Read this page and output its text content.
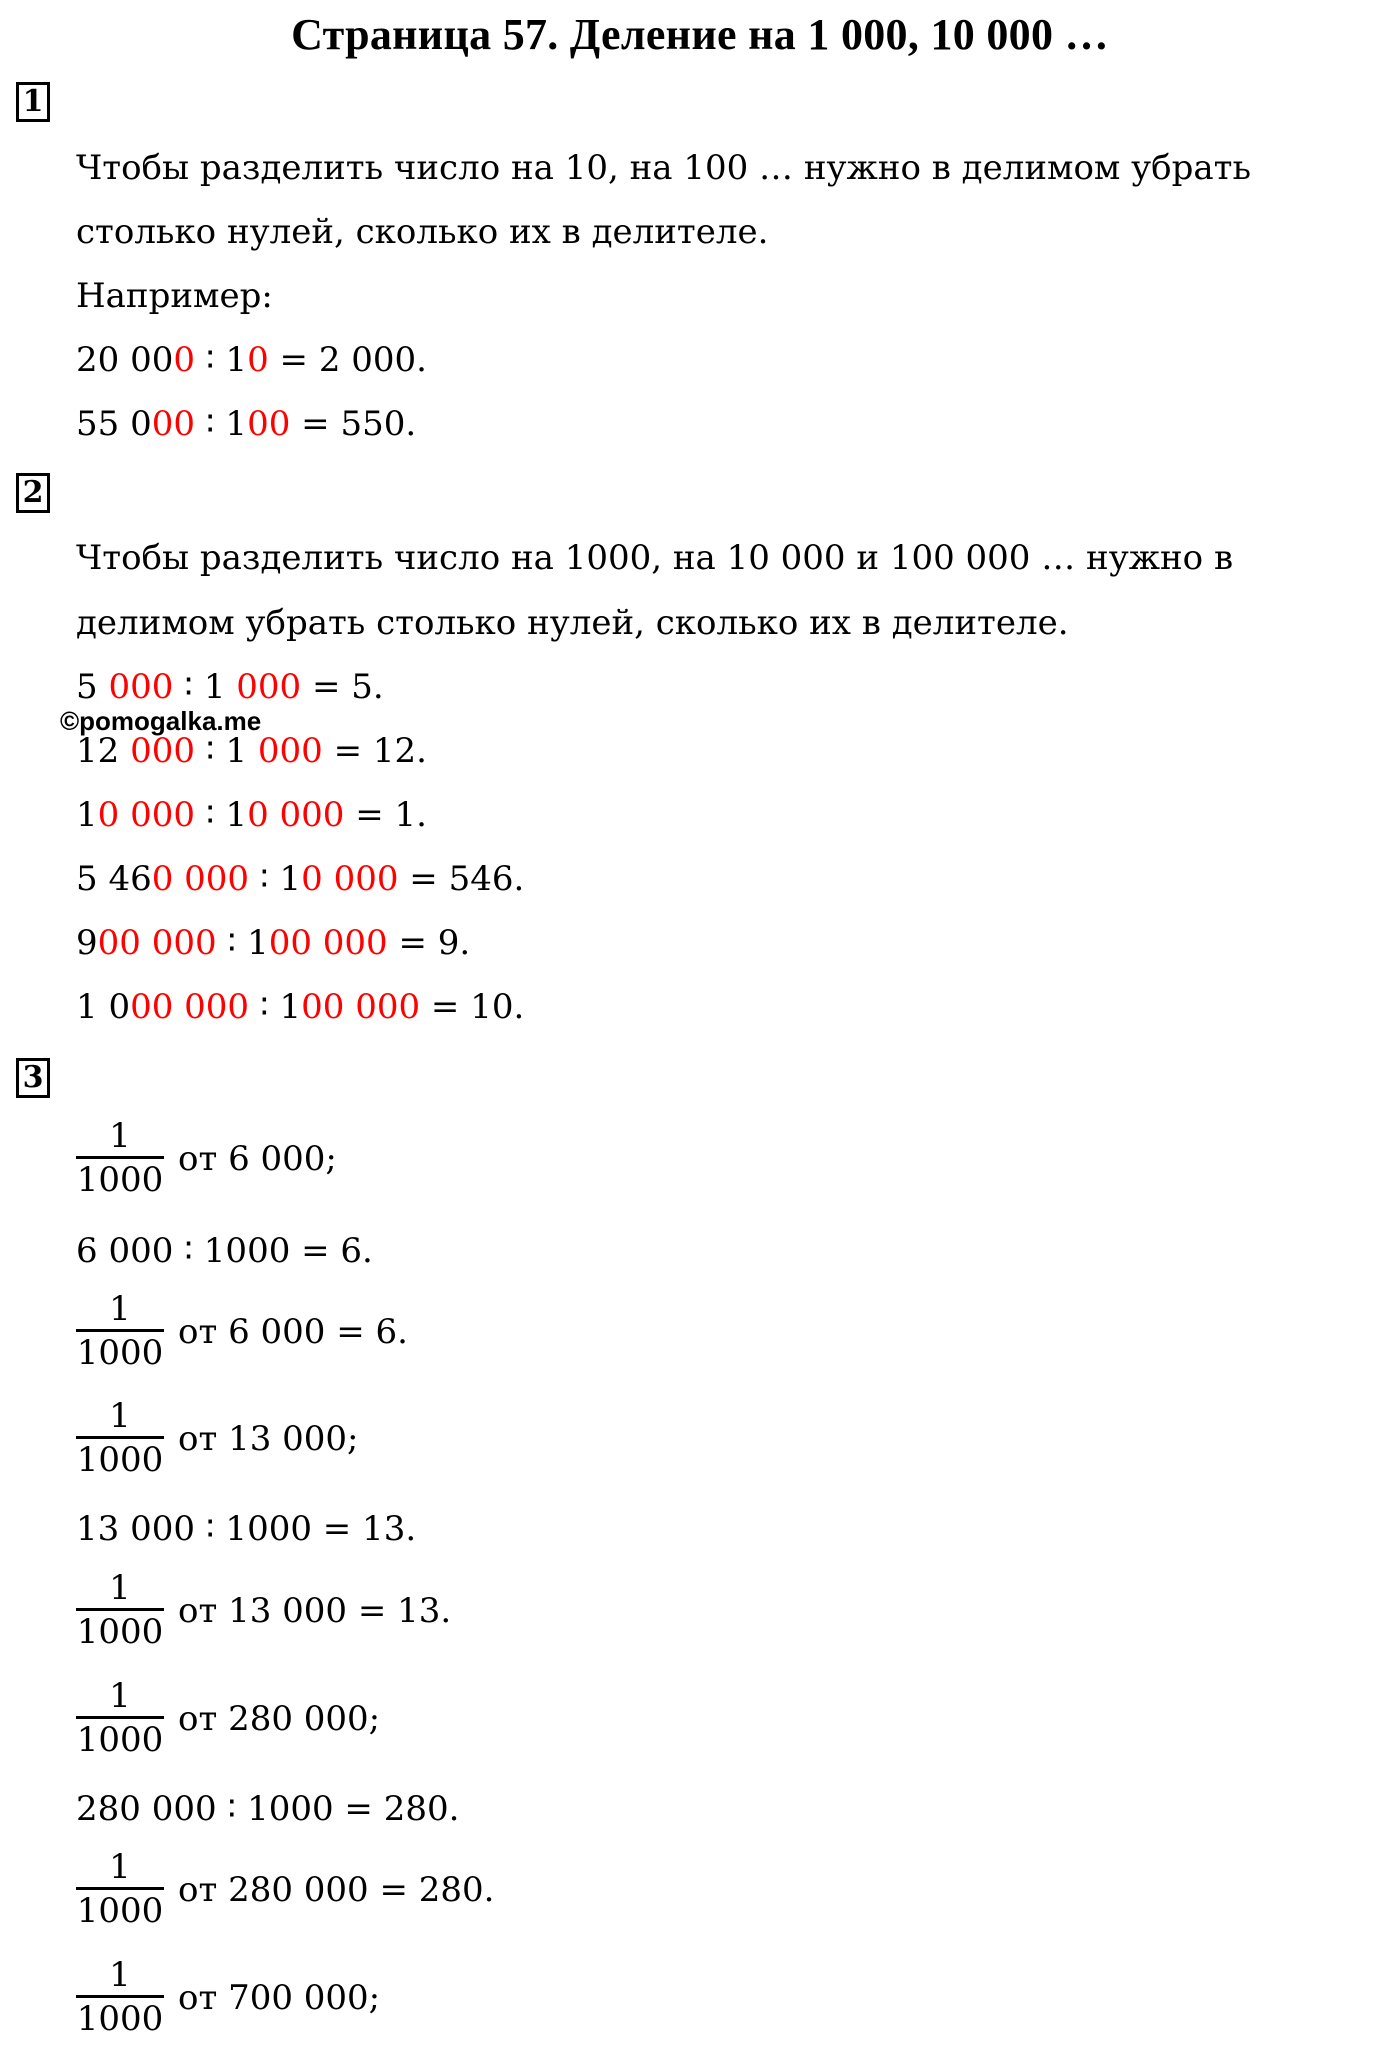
Страница 57. Деление на 1 000, 10 000 …
1
Чтобы разделить число на 10, на 100 … нужно в делимом убрать
столько нулей, сколько их в делителе.
Например:
20 000 ∶ 10 = 2 000.
55 000 ∶ 100 = 550.
2
Чтобы разделить число на 1000, на 10 000 и 100 000 … нужно в
делимом убрать столько нулей, сколько их в делителе.
5 000 ∶ 1 000 = 5.
12 000 ∶ 1 000 = 12.
10 000 ∶ 10 000 = 1.
5 460 000 ∶ 10 000 = 546.
900 000 ∶ 100 000 = 9.
1 000 000 ∶ 100 000 = 10.
©pomogalka.me
3
$\frac{1}{1000}$ от 6 000;
6 000 ∶ 1000 = 6.
$\frac{1}{1000}$ от 6 000 = 6.
$\frac{1}{1000}$ от 13 000;
13 000 ∶ 1000 = 13.
$\frac{1}{1000}$ от 13 000 = 13.
$\frac{1}{1000}$ от 280 000;
280 000 ∶ 1000 = 280.
$\frac{1}{1000}$ от 280 000 = 280.
$\frac{1}{1000}$ от 700 000;
